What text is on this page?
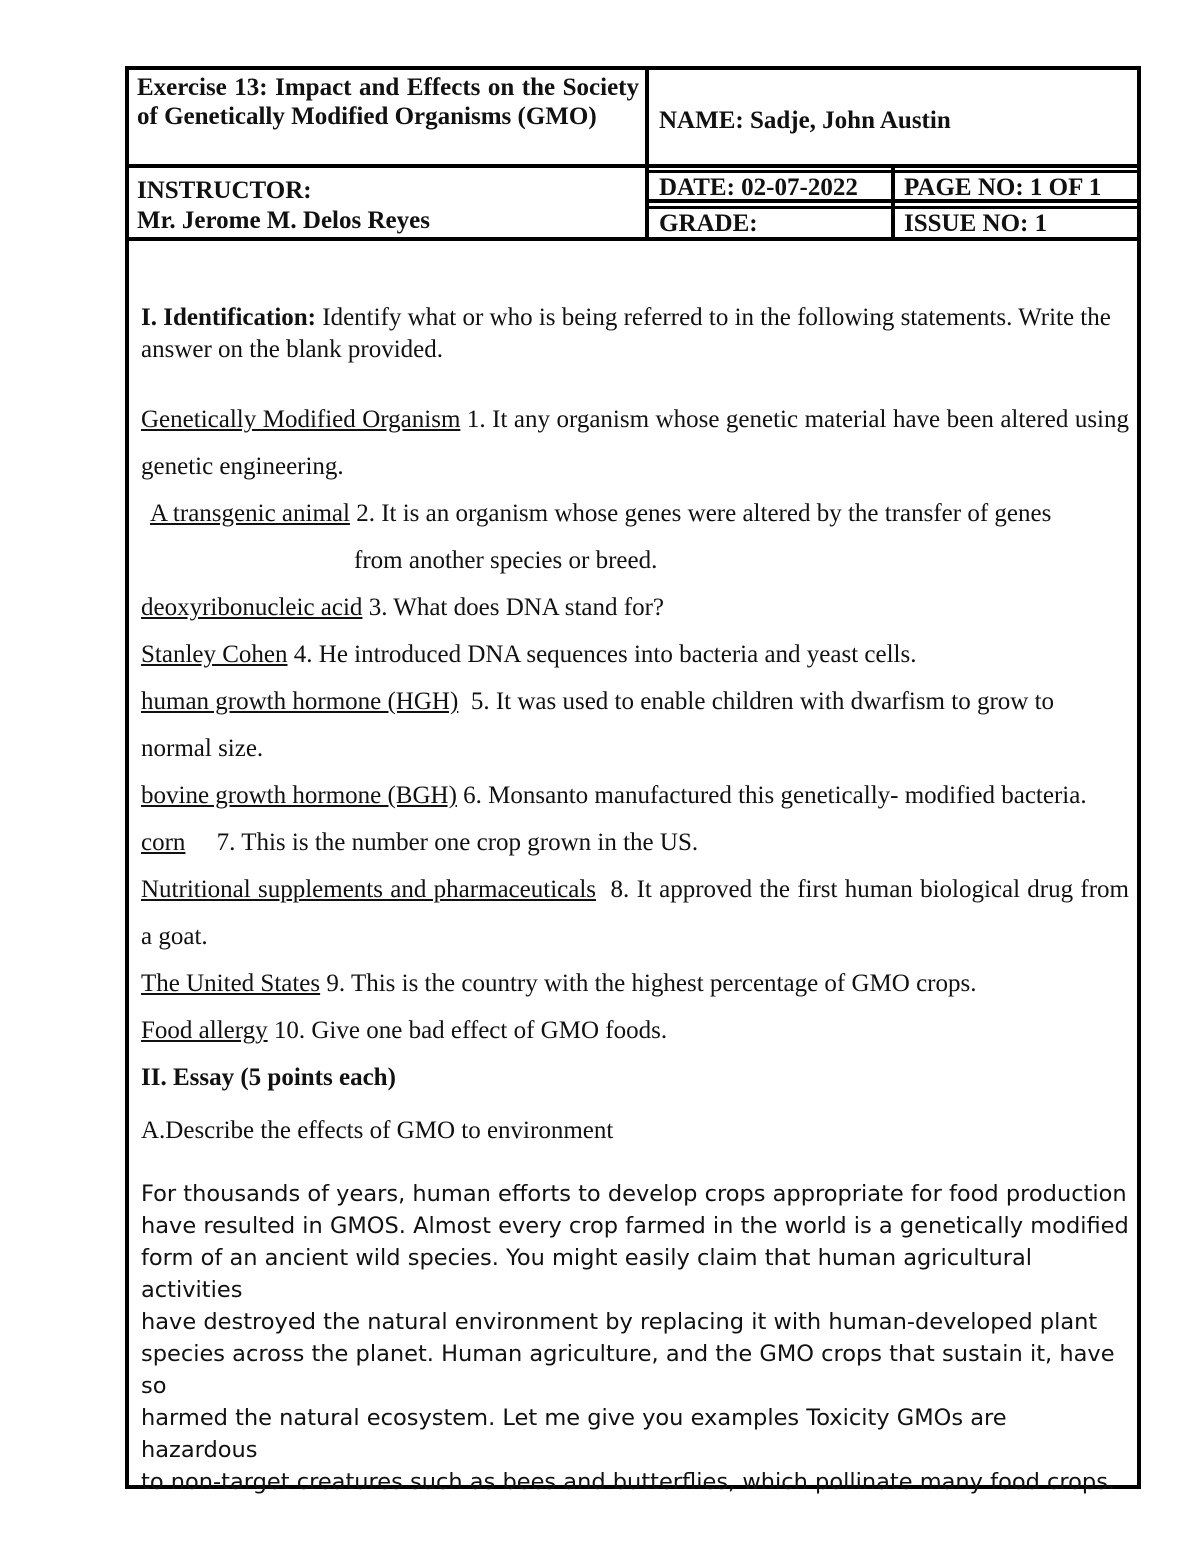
Exercise 13: Impact and Effects on the Society of Genetically Modified Organisms (GMO)	NAME: Sadje, John Austin
INSTRUCTOR:
Mr. Jerome M. Delos Reyes
DATE: 02-07-2022	PAGE NO: 1 OF 1
GRADE:	ISSUE NO: 1
I. Identification: Identify what or who is being referred to in the following statements. Write the answer on the blank provided.
Genetically Modified Organism 1. It any organism whose genetic material have been altered using genetic engineering.
A transgenic animal 2. It is an organism whose genes were altered by the transfer of genes
from another species or breed.
deoxyribonucleic acid 3. What does DNA stand for?
Stanley Cohen 4. He introduced DNA sequences into bacteria and yeast cells.
human growth hormone (HGH)  5. It was used to enable children with dwarfism to grow to normal size.
bovine growth hormone (BGH) 6. Monsanto manufactured this genetically- modified bacteria.
corn     7. This is the number one crop grown in the US.
Nutritional supplements and pharmaceuticals  8. It approved the first human biological drug from a goat.
The United States 9. This is the country with the highest percentage of GMO crops.
Food allergy 10. Give one bad effect of GMO foods.
II. Essay (5 points each)
A.Describe the effects of GMO to environment

For thousands of years, human efforts to develop crops appropriate for food production

have resulted in GMOS. Almost every crop farmed in the world is a genetically modified

form of an ancient wild species. You might easily claim that human agricultural activities

have destroyed the natural environment by replacing it with human-developed plant

species across the planet. Human agriculture, and the GMO crops that sustain it, have so

harmed the natural ecosystem. Let me give you examples Toxicity GMOs are hazardous

to non-target creatures such as bees and butterflies, which pollinate many food crops.
